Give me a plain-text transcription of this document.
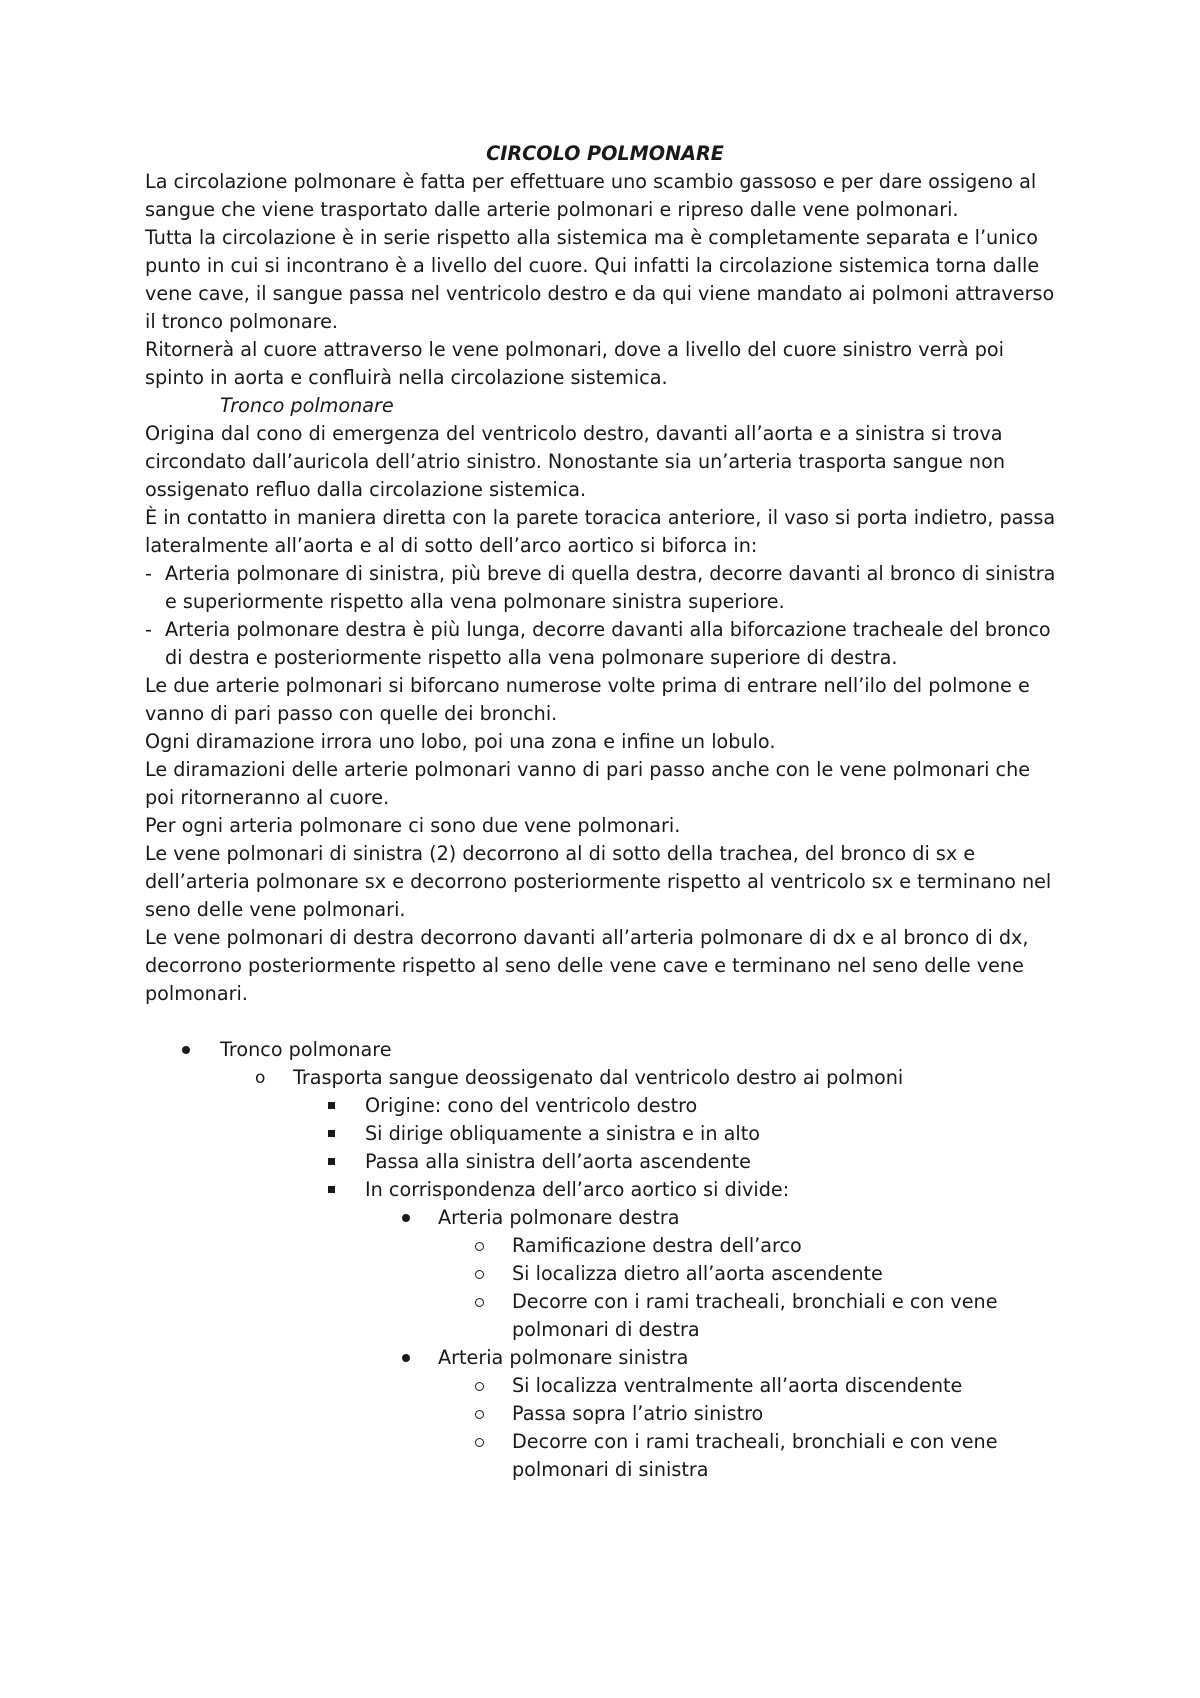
CIRCOLO POLMONARE

La circolazione polmonare è fatta per effettuare uno scambio gassoso e per dare ossigeno al sangue che viene trasportato dalle arterie polmonari e ripreso dalle vene polmonari.

Tutta la circolazione è in serie rispetto alla sistemica ma è completamente separata e l’unico punto in cui si incontrano è a livello del cuore. Qui infatti la circolazione sistemica torna dalle vene cave, il sangue passa nel ventricolo destro e da qui viene mandato ai polmoni attraverso il tronco polmonare.

Ritornerà al cuore attraverso le vene polmonari, dove a livello del cuore sinistro verrà poi spinto in aorta e confluirà nella circolazione sistemica.

Tronco polmonare

Origina dal cono di emergenza del ventricolo destro, davanti all’aorta e a sinistra si trova circondato dall’auricola dell’atrio sinistro. Nonostante sia un’arteria trasporta sangue non ossigenato refluo dalla circolazione sistemica.

È in contatto in maniera diretta con la parete toracica anteriore, il vaso si porta indietro, passa lateralmente all’aorta e al di sotto dell’arco aortico si biforca in:

- Arteria polmonare di sinistra, più breve di quella destra, decorre davanti al bronco di sinistra e superiormente rispetto alla vena polmonare sinistra superiore.
- Arteria polmonare destra è più lunga, decorre davanti alla biforcazione tracheale del bronco di destra e posteriormente rispetto alla vena polmonare superiore di destra.

Le due arterie polmonari si biforcano numerose volte prima di entrare nell’ilo del polmone e vanno di pari passo con quelle dei bronchi.

Ogni diramazione irrora uno lobo, poi una zona e infine un lobulo.

Le diramazioni delle arterie polmonari vanno di pari passo anche con le vene polmonari che poi ritorneranno al cuore.

Per ogni arteria polmonare ci sono due vene polmonari.

Le vene polmonari di sinistra (2) decorrono al di sotto della trachea, del bronco di sx e dell’arteria polmonare sx e decorrono posteriormente rispetto al ventricolo sx e terminano nel seno delle vene polmonari.

Le vene polmonari di destra decorrono davanti all’arteria polmonare di dx e al bronco di dx, decorrono posteriormente rispetto al seno delle vene cave e terminano nel seno delle vene polmonari.

Tronco polmonare
o Trasporta sangue deossigenato dal ventricolo destro ai polmoni
Origine: cono del ventricolo destro
Si dirige obliquamente a sinistra e in alto
Passa alla sinistra dell’aorta ascendente
In corrispondenza dell’arco aortico si divide:
Arteria polmonare destra
Ramificazione destra dell’arco
Si localizza dietro all’aorta ascendente
Decorre con i rami tracheali, bronchiali e con vene polmonari di destra
Arteria polmonare sinistra
Si localizza ventralmente all’aorta discendente
Passa sopra l’atrio sinistro
Decorre con i rami tracheali, bronchiali e con vene polmonari di sinistra
